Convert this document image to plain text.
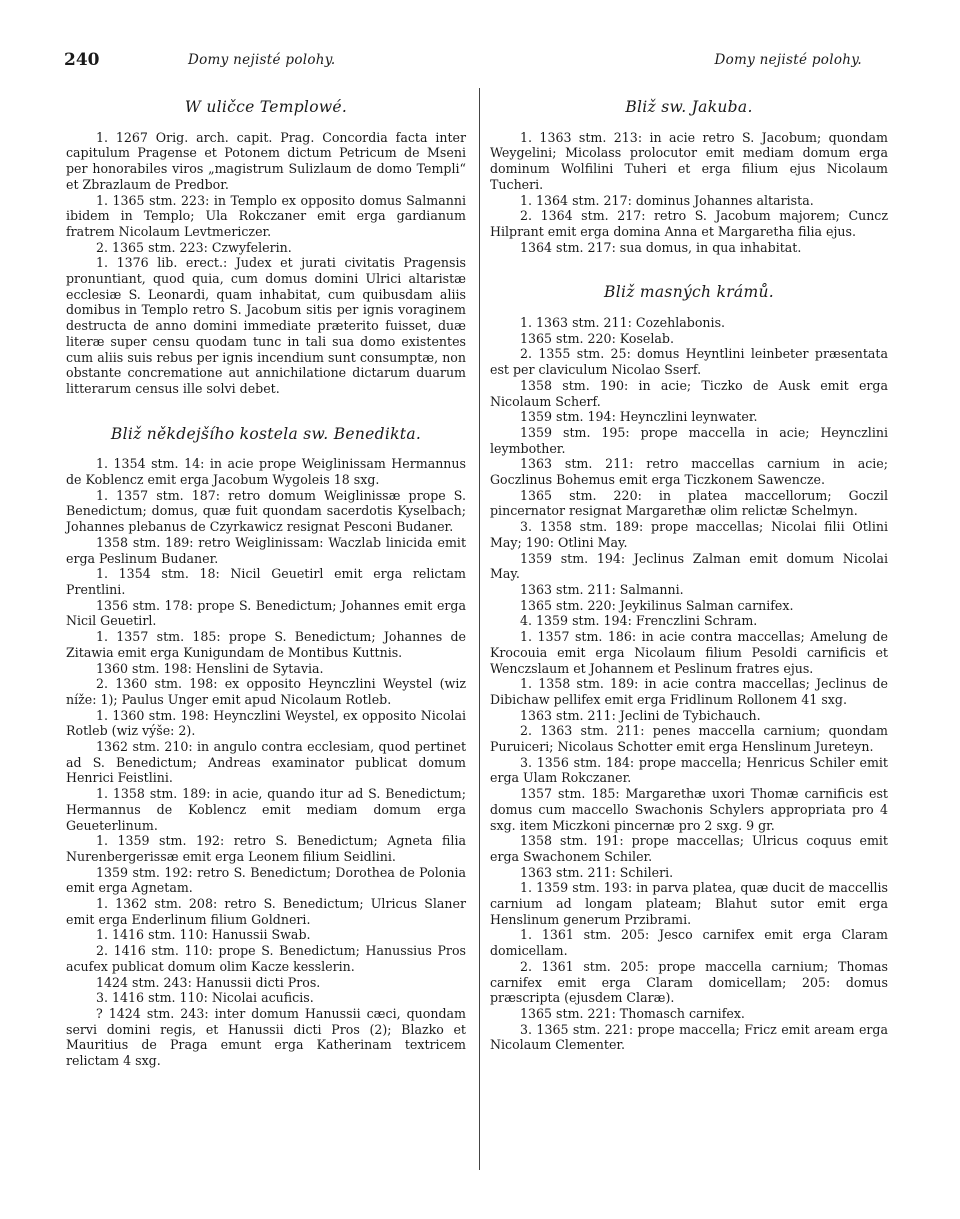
240	Domy nejisté polohy.	Domy nejisté polohy.
W uličce Templowé.

1. 1267 Orig. arch. capit. Prag. Concordia facta inter capitulum Pragense et Potonem dictum Petricum de Mseni per honorabiles viros „magistrum Sulizlaum de domo Templi“ et Zbrazlaum de Predbor.

1. 1365 stm. 223: in Templo ex opposito domus Salmanni ibidem in Templo; Ula Rokczaner emit erga gardianum fratrem Nicolaum Levtmericzer.

2. 1365 stm. 223: Czwyfelerin.

1. 1376 lib. erect.: Judex et jurati civitatis Pragensis pronuntiant, quod quia, cum domus domini Ulrici altaristæ ecclesiæ S. Leonardi, quam inhabitat, cum quibusdam aliis domibus in Templo retro S. Jacobum sitis per ignis voraginem destructa de anno domini immediate præterito fuisset, duæ literæ super censu quodam tunc in tali sua domo existentes cum aliis suis rebus per ignis incendium sunt consumptæ, non obstante concrematione aut annichilatione dictarum duarum litterarum census ille solvi debet.

Bliž někdejšího kostela sw. Benedikta.

1. 1354 stm. 14: in acie prope Weiglinissam Hermannus de Koblencz emit erga Jacobum Wygoleis 18 sxg.

1. 1357 stm. 187: retro domum Weiglinissæ prope S. Benedictum; domus, quæ fuit quondam sacerdotis Kyselbach; Johannes plebanus de Czyrkawicz resignat Pesconi Budaner.

1358 stm. 189: retro Weiglinissam: Waczlab linicida emit erga Peslinum Budaner.

1. 1354 stm. 18: Nicil Geuetirl emit erga relictam Prentlini.

1356 stm. 178: prope S. Benedictum; Johannes emit erga Nicil Geuetirl.

1. 1357 stm. 185: prope S. Benedictum; Johannes de Zitawia emit erga Kunigundam de Montibus Kuttnis.

1360 stm. 198: Henslini de Sytavia.

2. 1360 stm. 198: ex opposito Heynczlini Weystel (wiz níže: 1); Paulus Unger emit apud Nicolaum Rotleb.

1. 1360 stm. 198: Heynczlini Weystel, ex opposito Nicolai Rotleb (wiz výše: 2).

1362 stm. 210: in angulo contra ecclesiam, quod pertinet ad S. Benedictum; Andreas examinator publicat domum Henrici Feistlini.

1. 1358 stm. 189: in acie, quando itur ad S. Benedictum; Hermannus de Koblencz emit mediam domum erga Geueterlinum.

1. 1359 stm. 192: retro S. Benedictum; Agneta filia Nurenbergerissæ emit erga Leonem filium Seidlini.

1359 stm. 192: retro S. Benedictum; Dorothea de Polonia emit erga Agnetam.

1. 1362 stm. 208: retro S. Benedictum; Ulricus Slaner emit erga Enderlinum filium Goldneri.

1. 1416 stm. 110: Hanussii Swab.

2. 1416 stm. 110: prope S. Benedictum; Hanussius Pros acufex publicat domum olim Kacze kesslerin.

1424 stm. 243: Hanussii dicti Pros.

3. 1416 stm. 110: Nicolai acuficis.

? 1424 stm. 243: inter domum Hanussii cæci, quondam servi domini regis, et Hanussii dicti Pros (2); Blazko et Mauritius de Praga emunt erga Katherinam textricem relictam 4 sxg.

Bliž sw. Jakuba.

1. 1363 stm. 213: in acie retro S. Jacobum; quondam Weygelini; Micolass prolocutor emit mediam domum erga dominum Wolfilini Tuheri et erga filium ejus Nicolaum Tucheri.

1. 1364 stm. 217: dominus Johannes altarista.

2. 1364 stm. 217: retro S. Jacobum majorem; Cuncz Hilprant emit erga domina Anna et Margaretha filia ejus.

1364 stm. 217: sua domus, in qua inhabitat.

Bliž masných krámů.

1. 1363 stm. 211: Cozehlabonis.

1365 stm. 220: Koselab.

2. 1355 stm. 25: domus Heyntlini leinbeter præsentata est per claviculum Nicolao Sserf.

1358 stm. 190: in acie; Ticzko de Ausk emit erga Nicolaum Scherf.

1359 stm. 194: Heynczlini leynwater.

1359 stm. 195: prope maccella in acie; Heynczlini leymbother.

1363 stm. 211: retro maccellas carnium in acie; Goczlinus Bohemus emit erga Ticzkonem Sawencze.

1365 stm. 220: in platea maccellorum; Goczil pincernator resignat Margarethæ olim relictæ Schelmyn.

3. 1358 stm. 189: prope maccellas; Nicolai filii Otlini May; 190: Otlini May.

1359 stm. 194: Jeclinus Zalman emit domum Nicolai May.

1363 stm. 211: Salmanni.

1365 stm. 220: Jeykilinus Salman carnifex.

4. 1359 stm. 194: Frenczlini Schram.

1. 1357 stm. 186: in acie contra maccellas; Amelung de Krocouia emit erga Nicolaum filium Pesoldi carnificis et Wenczslaum et Johannem et Peslinum fratres ejus.

1. 1358 stm. 189: in acie contra maccellas; Jeclinus de Dibichaw pellifex emit erga Fridlinum Rollonem 41 sxg.

1363 stm. 211: Jeclini de Tybichauch.

2. 1363 stm. 211: penes maccella carnium; quondam Puruiceri; Nicolaus Schotter emit erga Henslinum Jureteyn.

3. 1356 stm. 184: prope maccella; Henricus Schiler emit erga Ulam Rokczaner.

1357 stm. 185: Margarethæ uxori Thomæ carnificis est domus cum maccello Swachonis Schylers appropriata pro 4 sxg. item Miczkoni pincernæ pro 2 sxg. 9 gr.

1358 stm. 191: prope maccellas; Ulricus coquus emit erga Swachonem Schiler.

1363 stm. 211: Schileri.

1. 1359 stm. 193: in parva platea, quæ ducit de maccellis carnium ad longam plateam; Blahut sutor emit erga Henslinum generum Przibrami.

1. 1361 stm. 205: Jesco carnifex emit erga Claram domicellam.

2. 1361 stm. 205: prope maccella carnium; Thomas carnifex emit erga Claram domicellam; 205: domus præscripta (ejusdem Claræ).

1365 stm. 221: Thomasch carnifex.

3. 1365 stm. 221: prope maccella; Fricz emit aream erga Nicolaum Clementer.
